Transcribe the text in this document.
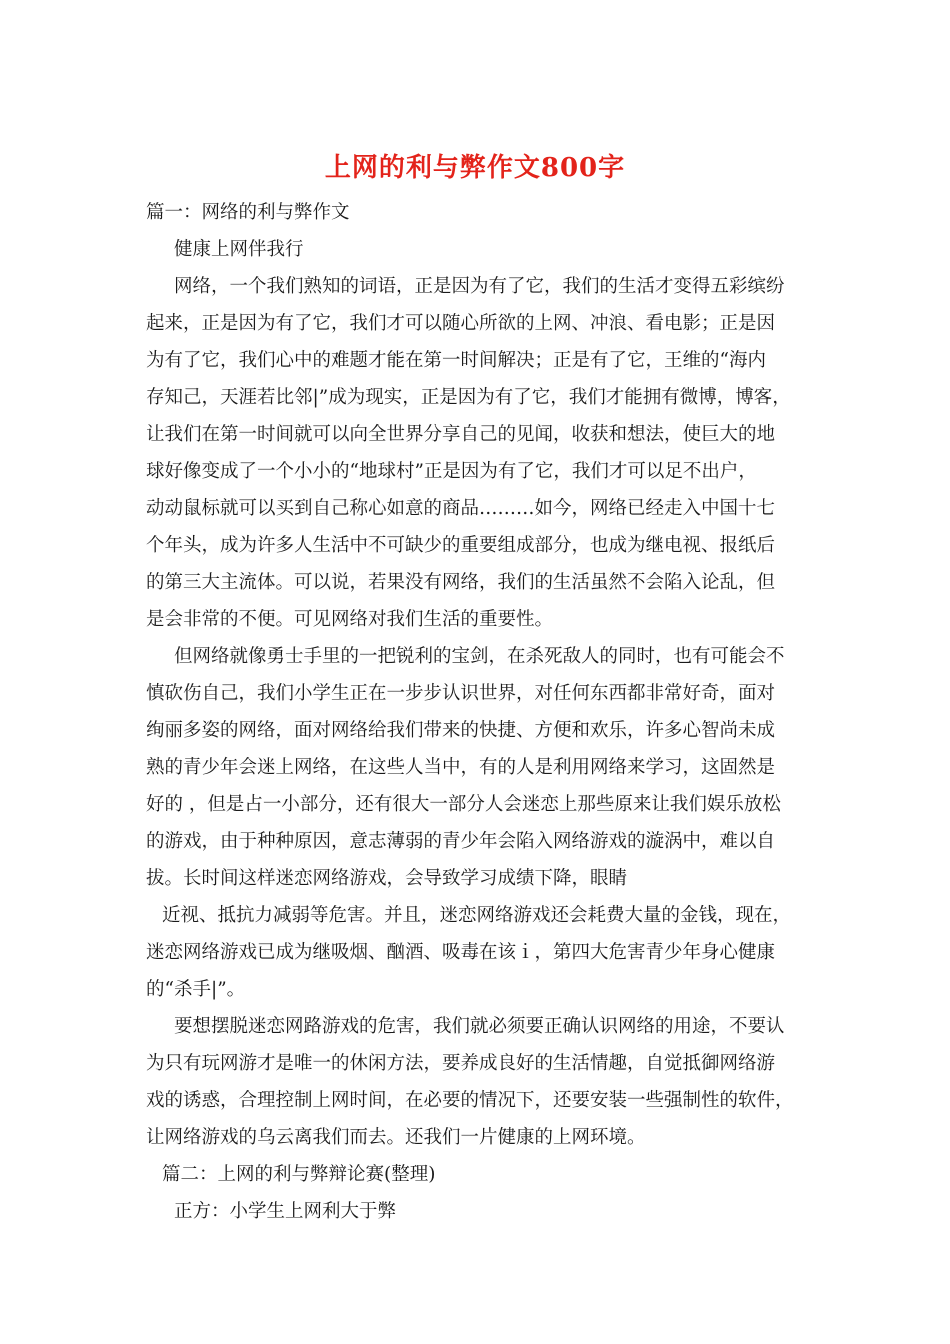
上网的利与弊作文800字
篇一：网络的利与弊作文
健康上网伴我行
网络，一个我们熟知的词语，正是因为有了它，我们的生活才变得五彩缤纷
起来，正是因为有了它，我们才可以随心所欲的上网、冲浪、看电影；正是因
为有了它，我们心中的难题才能在第一时间解决；正是有了它，王维的“海内
存知己，天涯若比邻|”成为现实，正是因为有了它，我们才能拥有微博，博客，
让我们在第一时间就可以向全世界分享自己的见闻，收获和想法，使巨大的地
球好像变成了一个小小的“地球村”正是因为有了它，我们才可以足不出户，
动动鼠标就可以买到自己称心如意的商品………如今，网络已经走入中国十七
个年头，成为许多人生活中不可缺少的重要组成部分，也成为继电视、报纸后
的第三大主流体。可以说，若果没有网络，我们的生活虽然不会陷入论乱，但
是会非常的不便。可见网络对我们生活的重要性。
但网络就像勇士手里的一把锐利的宝剑，在杀死敌人的同时，也有可能会不
慎砍伤自己，我们小学生正在一步步认识世界，对任何东西都非常好奇，面对
绚丽多姿的网络，面对网络给我们带来的快捷、方便和欢乐，许多心智尚未成
熟的青少年会迷上网络，在这些人当中，有的人是利用网络来学习，这固然是
好的 ，但是占一小部分，还有很大一部分人会迷恋上那些原来让我们娱乐放松
的游戏，由于种种原因，意志薄弱的青少年会陷入网络游戏的漩涡中，难以自
拔。长时间这样迷恋网络游戏，会导致学习成绩下降，眼睛
近视、抵抗力减弱等危害。并且，迷恋网络游戏还会耗费大量的金钱，现在，
迷恋网络游戏已成为继吸烟、酗酒、吸毒在该ｉ，第四大危害青少年身心健康
的“杀手|”。
要想摆脱迷恋网路游戏的危害，我们就必须要正确认识网络的用途，不要认
为只有玩网游才是唯一的休闲方法，要养成良好的生活情趣，自觉抵御网络游
戏的诱惑，合理控制上网时间，在必要的情况下，还要安装一些强制性的软件，
让网络游戏的乌云离我们而去。还我们一片健康的上网环境。
篇二：上网的利与弊辩论赛(整理)
正方：小学生上网利大于弊
